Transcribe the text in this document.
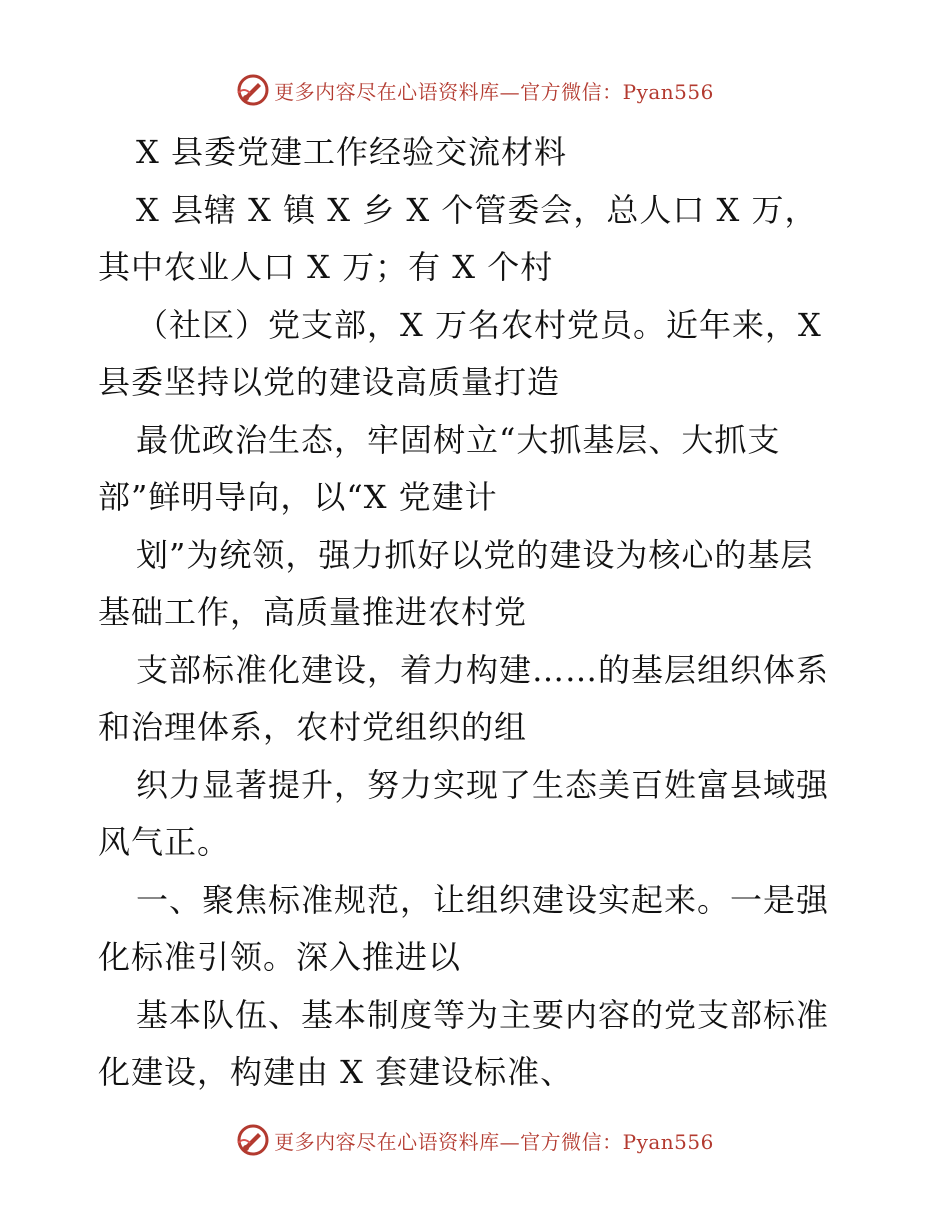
更多内容尽在心语资料库—官方微信：Pyan556
X 县委党建工作经验交流材料
X 县辖 X 镇 X 乡 X 个管委会，总人口 X 万，
其中农业人口 X 万；有 X 个村
（社区）党支部，X 万名农村党员。近年来，X
县委坚持以党的建设高质量打造
最优政治生态，牢固树立“大抓基层、大抓支
部”鲜明导向，以“X 党建计
划”为统领，强力抓好以党的建设为核心的基层
基础工作，高质量推进农村党
支部标准化建设，着力构建……的基层组织体系
和治理体系，农村党组织的组
织力显著提升，努力实现了生态美百姓富县域强
风气正。
一、聚焦标准规范，让组织建设实起来。一是强
化标准引领。深入推进以
基本队伍、基本制度等为主要内容的党支部标准
化建设，构建由 X 套建设标准、
更多内容尽在心语资料库—官方微信：Pyan556
